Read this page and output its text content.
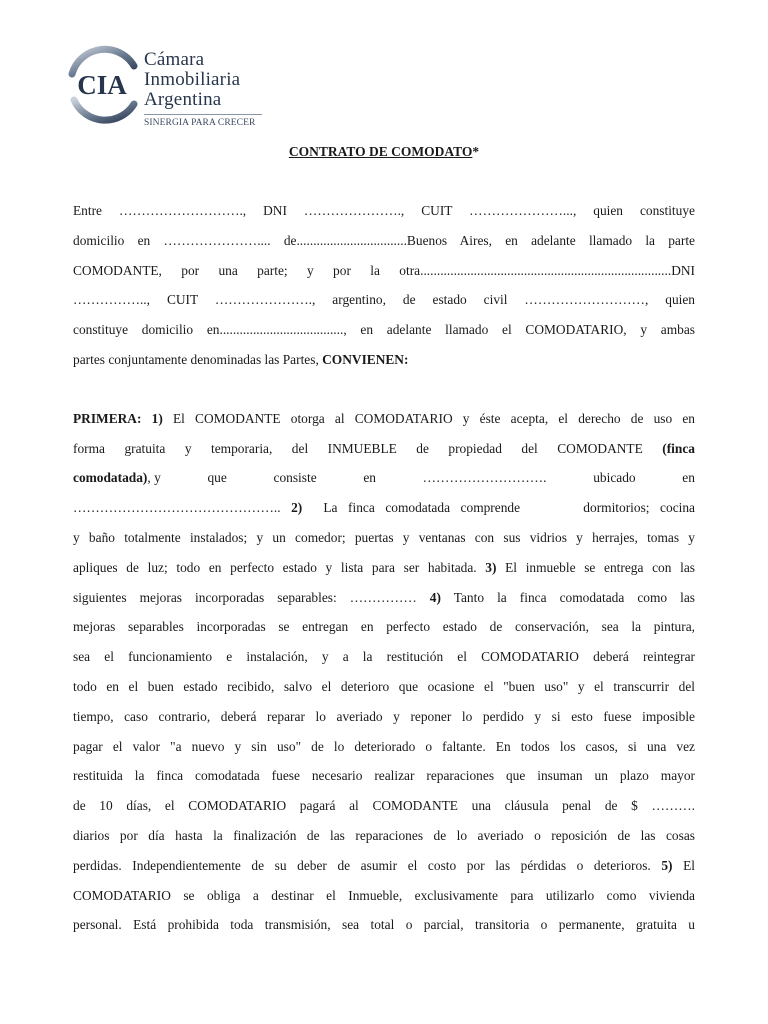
CIA
Cámara
Inmobiliaria
Argentina
SINERGIA PARA CRECER
CONTRATO DE COMODATO*
Entre ………………………., DNI …………………., CUIT …………………..., quien constituye
domicilio en ………………….... de.................................Buenos Aires, en adelante llamado la parte
COMODANTE, por una parte; y por la otra...........................................................................DNI
…………….., CUIT …………………., argentino, de estado civil ………………………, quien
constituye domicilio en....................................., en adelante llamado el COMODATARIO, y ambas
partes conjuntamente denominadas las Partes, CONVIENEN:
PRIMERA: 1) El COMODANTE otorga al COMODATARIO y éste acepta, el derecho de uso en
forma gratuita y temporaria, del INMUEBLE de propiedad del COMODANTE (finca
comodatada), y	que	consiste	en	……………………….	ubicado	en
……………………………………….. 2)  La finca comodatada comprende      dormitorios; cocina
y baño totalmente instalados; y un comedor; puertas y ventanas con sus vidrios y herrajes, tomas y
apliques de luz; todo en perfecto estado y lista para ser habitada. 3) El inmueble se entrega con las
siguientes mejoras incorporadas separables: …………… 4) Tanto la finca comodatada como las
mejoras separables incorporadas se entregan en perfecto estado de conservación, sea la pintura,
sea el funcionamiento e instalación, y a la restitución el COMODATARIO deberá reintegrar
todo en el buen estado recibido, salvo el deterioro que ocasione el "buen uso" y el transcurrir del
tiempo, caso contrario, deberá reparar lo averiado y reponer lo perdido y si esto fuese imposible
pagar el valor "a nuevo y sin uso" de lo deteriorado o faltante. En todos los casos, si una vez
restituida la finca comodatada fuese necesario realizar reparaciones que insuman un plazo mayor
de 10 días, el COMODATARIO pagará al COMODANTE una cláusula penal de $ ……….
diarios por día hasta la finalización de las reparaciones de lo averiado o reposición de las cosas
perdidas. Independientemente de su deber de asumir el costo por las pérdidas o deterioros. 5) El
COMODATARIO se obliga a destinar el Inmueble, exclusivamente para utilizarlo como vivienda
personal. Está prohibida toda transmisión, sea total o parcial, transitoria o permanente, gratuita u
